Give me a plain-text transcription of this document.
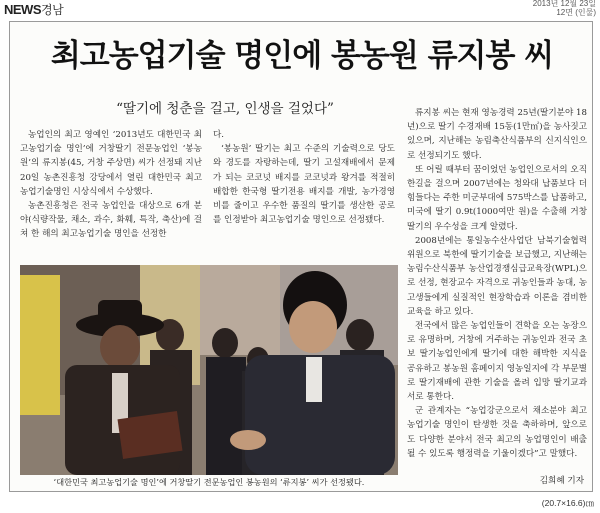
NEWS경남	2013년 12월 23일
12면 (인물)
최고농업기술 명인에 봉농원 류지봉 씨
“딸기에 청춘을 걸고, 인생을 걸었다”

농업인의 최고 영예인 ‘2013년도 대한민국 최고농업기술 명인’에 거창딸기 전문농업인 ‘봉농원’의 류지봉(45, 거창 주상면) 씨가 선정돼 지난 20일 농촌진흥청 강당에서 열린 대한민국 최고농업기술명인 시상식에서 수상했다.

농촌진흥청은 전국 농업인을 대상으로 6개 분야(식량작물, 채소, 과수, 화훼, 특작, 축산)에 걸쳐 한 해의 최고농업기술 명인을 선정한

다.

‘봉농원’ 딸기는 최고 수준의 기술력으로 당도와 경도를 자랑하는데, 딸기 고설재배에서 문제가 되는 코코넛 배지를 코코넛과 왕겨를 적절히 배합한 한국형 딸기전용 배지를 개발, 농가경영비를 줄이고 우수한 품질의 딸기를 생산한 공로를 인정받아 최고농업기술 명인으로 선정됐다.

류지봉 씨는 현재 영농경력 25년(딸기분야 18년)으로 딸기 수경재배 15동(1만㎡)을 농사짓고 있으며, 지난해는 농림축산식품부의 신지식인으로 선정되기도 했다.

또 어릴 때부터 꿈이었던 농업인으로서의 오직 한길을 걸으며 2007년에는 청와대 납품보다 더 힘들다는 주한 미군부대에 575박스를 납품하고, 미국에 딸기 0.9t(1000여만 원)을 수출해 거창딸기의 우수성을 크게 알렸다.

2008년에는 통일농수산사업단 남북기술협력위원으로 북한에 딸기기술을 보급했고, 지난해는 농림수산식품부 농산업경쟁심급교육장(WPL)으로 선정, 현장교수 자격으로 귀농인들과 농대, 농고생들에게 실질적인 현장학습과 이론을 겸비한 교육을 하고 있다.

전국에서 많은 농업인들이 견학을 오는 농장으로 유명하며, 거창에 거주하는 귀농인과 전국 초보 딸기농업인에게 딸기에 대한 해박한 지식을 공유하고 봉농원 홈페이지 영농일지에 각 부문별로 딸기재배에 관한 기술을 올려 입망 딸기교과서로 통한다.

군 관계자는 “농업강군으로서 채소분야 최고농업기술 명인이 탄생한 것을 축하하며, 앞으로도 다양한 분야서 전국 최고의 농업명인이 배출될 수 있도록 행정력을 기울이겠다”고 말했다.

김희혜 기자
‘대한민국 최고농업기술 명인’에 거창딸기 전문농업인 봉농원의 ‘류지봉’ 씨가 선정됐다.
(20.7×16.6)㎝
